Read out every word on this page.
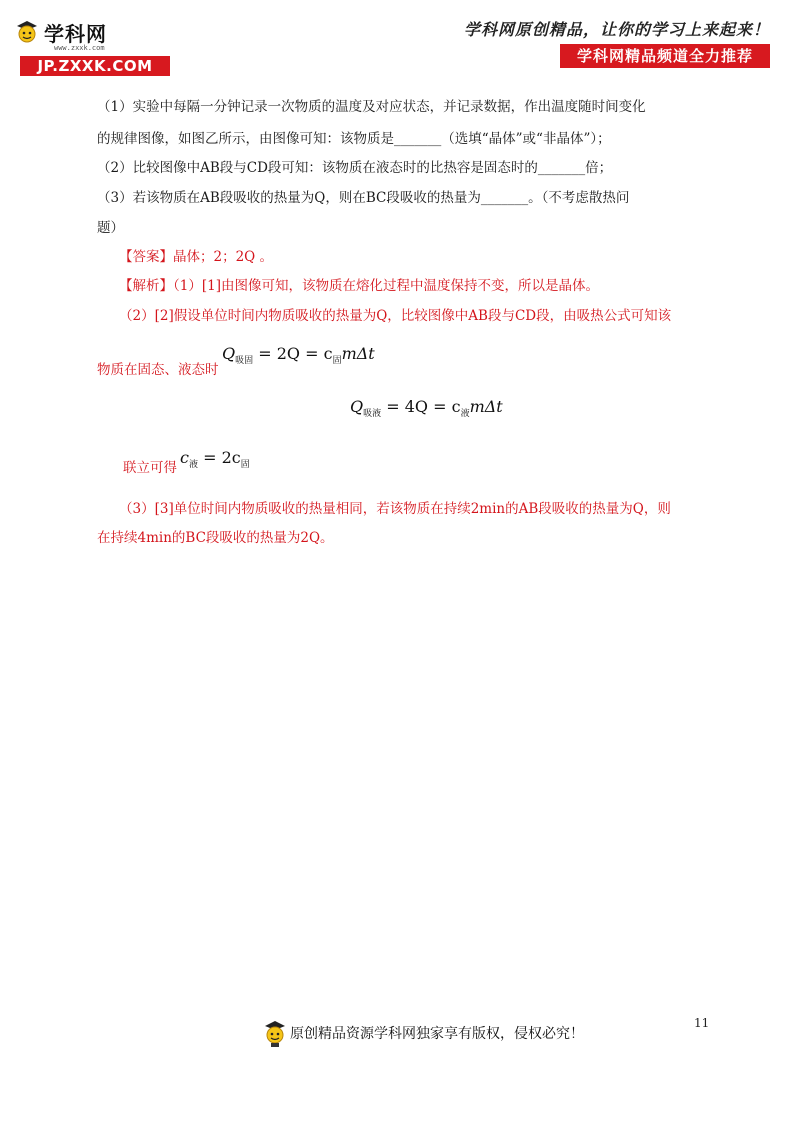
学科网
www.zxxk.com
JP.ZXXK.COM
学科网原创精品，让你的学习上来起来！
学科网精品频道全力推荐
（1）实验中每隔一分钟记录一次物质的温度及对应状态，并记录数据，作出温度随时间变化
的规律图像，如图乙所示，由图像可知：该物质是_______（选填“晶体”或“非晶体”）；
（2）比较图像中AB段与CD段可知：该物质在液态时的比热容是固态时的_______倍；
（3）若该物质在AB段吸收的热量为Q，则在BC段吸收的热量为_______。（不考虑散热问
题）
【答案】晶体；2；2Q 。
【解析】（1）[1]由图像可知，该物质在熔化过程中温度保持不变，所以是晶体。
（2）[2]假设单位时间内物质吸收的热量为Q，比较图像中AB段与CD段，由吸热公式可知该
物质在固态、液态时
$Q_{吸固} = 2Q = c_固m\Delta t$
$Q_{吸液} = 4Q = c_液m\Delta t$
联立可得
$c_液 = 2c_固$
（3）[3]单位时间内物质吸收的热量相同，若该物质在持续2min的AB段吸收的热量为Q，则
在持续4min的BC段吸收的热量为2Q。
11
原创精品资源学科网独家享有版权，侵权必究！
